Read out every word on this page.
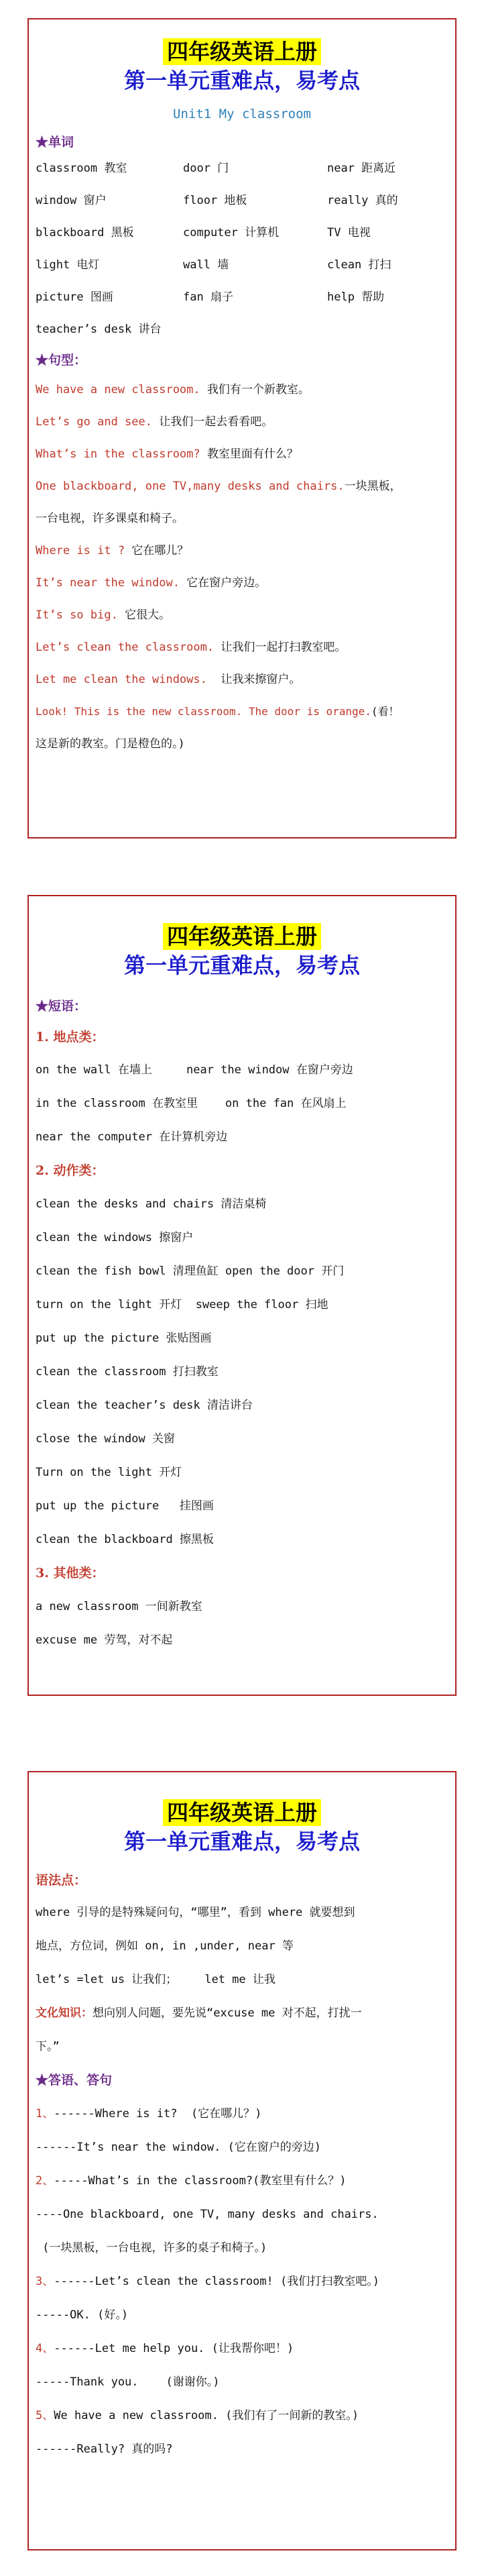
四年级英语上册
第一单元重难点，易考点
Unit1 My classroom
★单词
classroom 教室	door 门	near 距离近
window 窗户	floor 地板	really 真的
blackboard 黑板	computer 计算机	TV 电视
light 电灯	wall 墙	clean 打扫
picture 图画	fan 扇子	help 帮助
teacher’s desk 讲台
★句型：
We have a new classroom. 我们有一个新教室。
Let’s go and see. 让我们一起去看看吧。
What’s in the classroom? 教室里面有什么？
One blackboard, one TV,many desks and chairs.一块黑板，
一台电视，许多课桌和椅子。
Where is it ? 它在哪儿？
It’s near the window. 它在窗户旁边。
It’s so big. 它很大。
Let’s clean the classroom. 让我们一起打扫教室吧。
Let me clean the windows.  让我来擦窗户。
Look! This is the new classroom. The door is orange.(看！
这是新的教室。门是橙色的。)
四年级英语上册
第一单元重难点，易考点
★短语：
1. 地点类：
on the wall 在墙上     near the window 在窗户旁边
in the classroom 在教室里    on the fan 在风扇上
near the computer 在计算机旁边
2. 动作类：
clean the desks and chairs 清洁桌椅
clean the windows 擦窗户
clean the fish bowl 清理鱼缸 open the door 开门
turn on the light 开灯  sweep the floor 扫地
put up the picture 张贴图画
clean the classroom 打扫教室
clean the teacher’s desk 清洁讲台
close the window 关窗
Turn on the light 开灯
put up the picture   挂图画
clean the blackboard 擦黑板
3. 其他类：
a new classroom 一间新教室
excuse me 劳驾，对不起
四年级英语上册
第一单元重难点，易考点
语法点：
where 引导的是特殊疑问句，“哪里”，看到 where 就要想到
地点，方位词，例如 on, in ,under, near 等
let’s =let us 让我们；    let me 让我
文化知识：想向别人问题，要先说“excuse me 对不起，打扰一
下。”
★答语、答句
1、------Where is it?  (它在哪儿？)
------It’s near the window. (它在窗户的旁边)
2、-----What’s in the classroom?(教室里有什么？)
----One blackboard, one TV, many desks and chairs.
(一块黑板，一台电视，许多的桌子和椅子。)
3、------Let’s clean the classroom! (我们打扫教室吧。)
-----OK. (好。)
4、------Let me help you. (让我帮你吧！)
-----Thank you.    (谢谢你。)
5、We have a new classroom. (我们有了一间新的教室。)
------Really? 真的吗?
